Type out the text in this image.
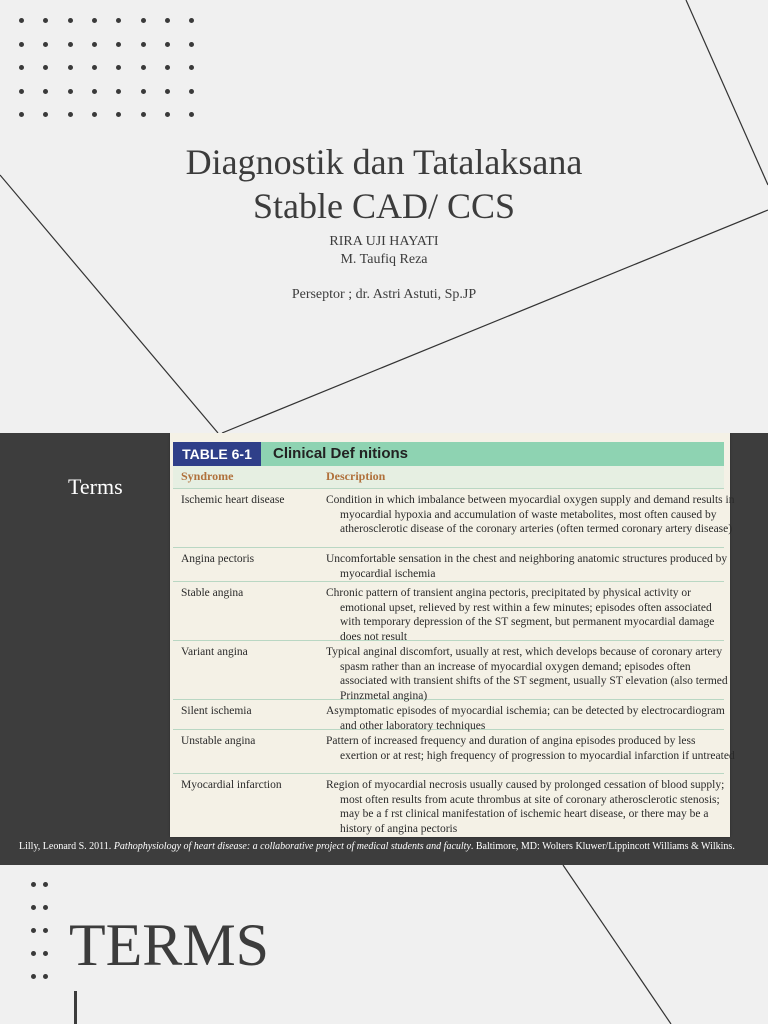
Diagnostik dan Tatalaksana
Stable CAD/ CCS
RIRA UJI HAYATI
M. Taufiq Reza
Perseptor ; dr. Astri Astuti, Sp.JP
Terms
TABLE 6-1	Clinical Def nitions
Syndrome	Description
Ischemic heart disease	Condition in which imbalance between myocardial oxygen supply and demand results in myocardial hypoxia and accumulation of waste metabolites, most often caused by atherosclerotic disease of the coronary arteries (often termed coronary artery disease)
Angina pectoris	Uncomfortable sensation in the chest and neighboring anatomic structures produced by myocardial ischemia
Stable angina	Chronic pattern of transient angina pectoris, precipitated by physical activity or emotional upset, relieved by rest within a few minutes; episodes often associated with temporary depression of the ST segment, but permanent myocardial damage does not result
Variant angina	Typical anginal discomfort, usually at rest, which develops because of coronary artery spasm rather than an increase of myocardial oxygen demand; episodes often associated with transient shifts of the ST segment, usually ST elevation (also termed Prinzmetal angina)
Silent ischemia	Asymptomatic episodes of myocardial ischemia; can be detected by electrocardiogram and other laboratory techniques
Unstable angina	Pattern of increased frequency and duration of angina episodes produced by less exertion or at rest; high frequency of progression to myocardial infarction if untreated
Myocardial infarction	Region of myocardial necrosis usually caused by prolonged cessation of blood supply; most often results from acute thrombus at site of coronary atherosclerotic stenosis; may be a f rst clinical manifestation of ischemic heart disease, or there may be a history of angina pectoris
Lilly, Leonard S. 2011. Pathophysiology of heart disease: a collaborative project of medical students and faculty. Baltimore, MD: Wolters Kluwer/Lippincott Williams & Wilkins.
TERMS
